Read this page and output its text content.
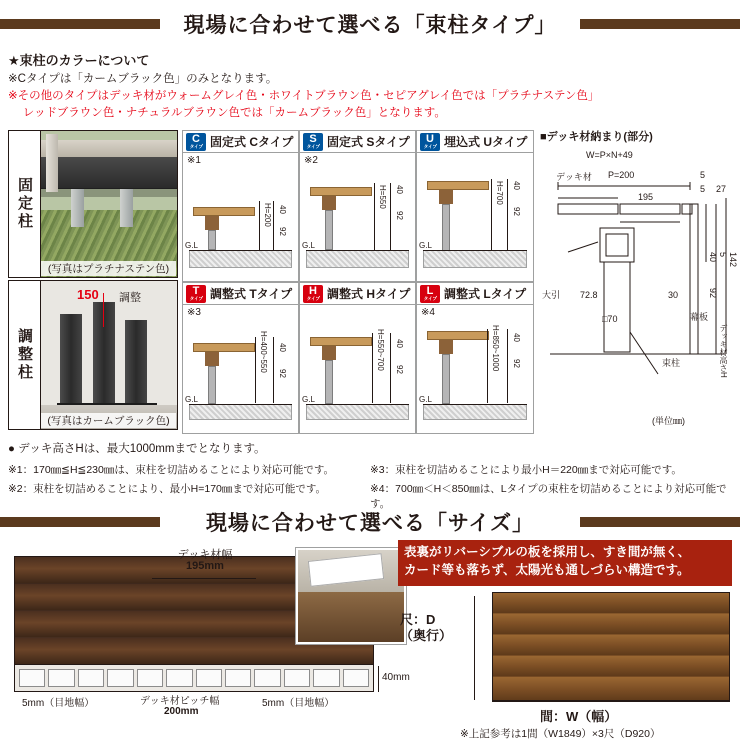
現場に合わせて選べる「束柱タイプ」
★束柱のカラーについて
※Cタイプは「カームブラック色」のみとなります。
※その他のタイプはデッキ材がウォームグレイ色・ホワイトブラウン色・セピアグレイ色では「プラチナステン色」
　 レッドブラウン色・ナチュラルブラウン色では「カームブラック色」となります。
固定柱
(写真はプラチナステン色)
調整柱
150 調整
(写真はカームブラック色)
C
タイプ 固定式 Cタイプ
※1
G.L
H=200 40
92
S
タイプ 固定式 Sタイプ
※2
G.L
H=550
92
40
U
タイプ 埋込式 Uタイプ
G.L
H=700
92
40
T
タイプ 調整式 Tタイプ
※3
G.L
H=400~550 40
92
H
タイプ 調整式 Hタイプ
G.L
H=550~700 40
92
L
タイプ 調整式 Lタイプ
※4
G.L
H=850~1000 40
92
■デッキ材納まり(部分)
W=P×N+49
デッキ材 P=200
195
5
5 27
40 5 142
92
大引 72.8
□70
30
幕板
束柱	デッキ材高さH
(単位㎜)
● デッキ高さHは、最大1000mmまでとなります。
※1：170㎜≦H≦230㎜は、束柱を切詰めることにより対応可能です。
※2：束柱を切詰めることにより、最小H=170㎜まで対応可能です。
※3：束柱を切詰めることにより最小H＝220㎜まで対応可能です。
※4：700㎜＜H＜850㎜は、Lタイプの束柱を切詰めることにより対応可能です。
現場に合わせて選べる「サイズ」
デッキ材幅
195mm
5mm（目地幅）	5mm（目地幅）
デッキ材ピッチ幅
200mm
40mm
表裏がリバーシブルの板を採用し、すき間が無く、
カード等も落ちず、太陽光も通しづらい構造です。
尺：D
（奥行）
間：W（幅）
※上記参考は1間（W1849）×3尺（D920）
